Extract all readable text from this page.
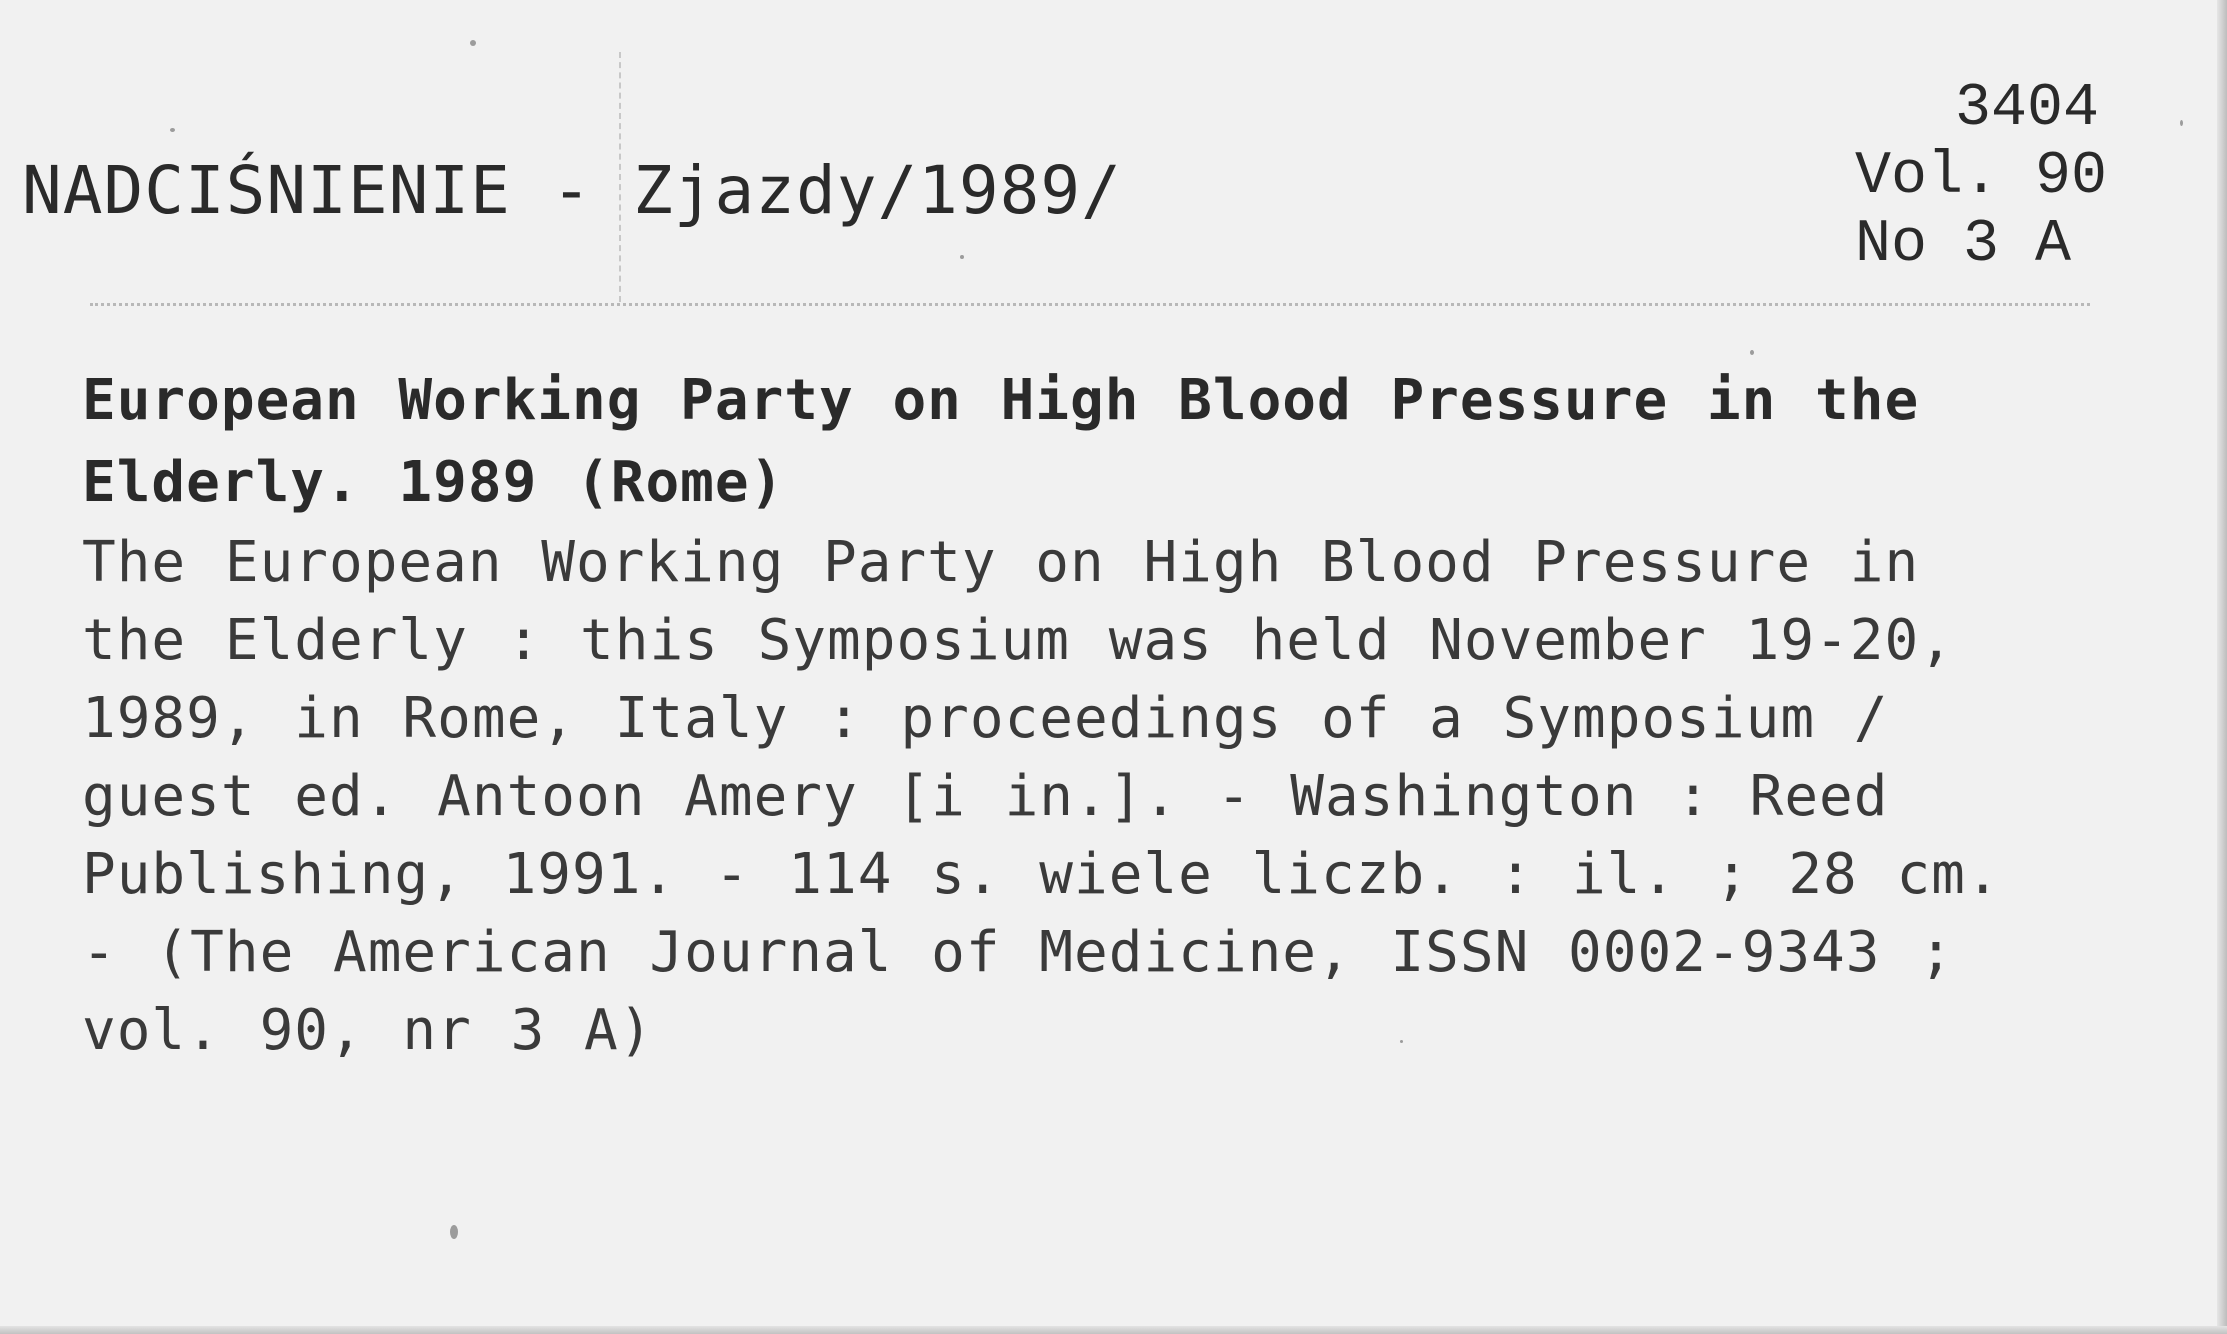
NADCIŚNIENIE - Zjazdy/1989/
3404
Vol. 90
No 3 A

European Working Party on High Blood Pressure in the
Elderly. 1989 (Rome)

The European Working Party on High Blood Pressure in
the Elderly : this Symposium was held November 19-20,
1989, in Rome, Italy : proceedings of a Symposium /
guest ed. Antoon Amery [i in.]. - Washington : Reed
Publishing, 1991. - 114 s. wiele liczb. : il. ; 28 cm.
- (The American Journal of Medicine, ISSN 0002-9343 ;
vol. 90, nr 3 A)
